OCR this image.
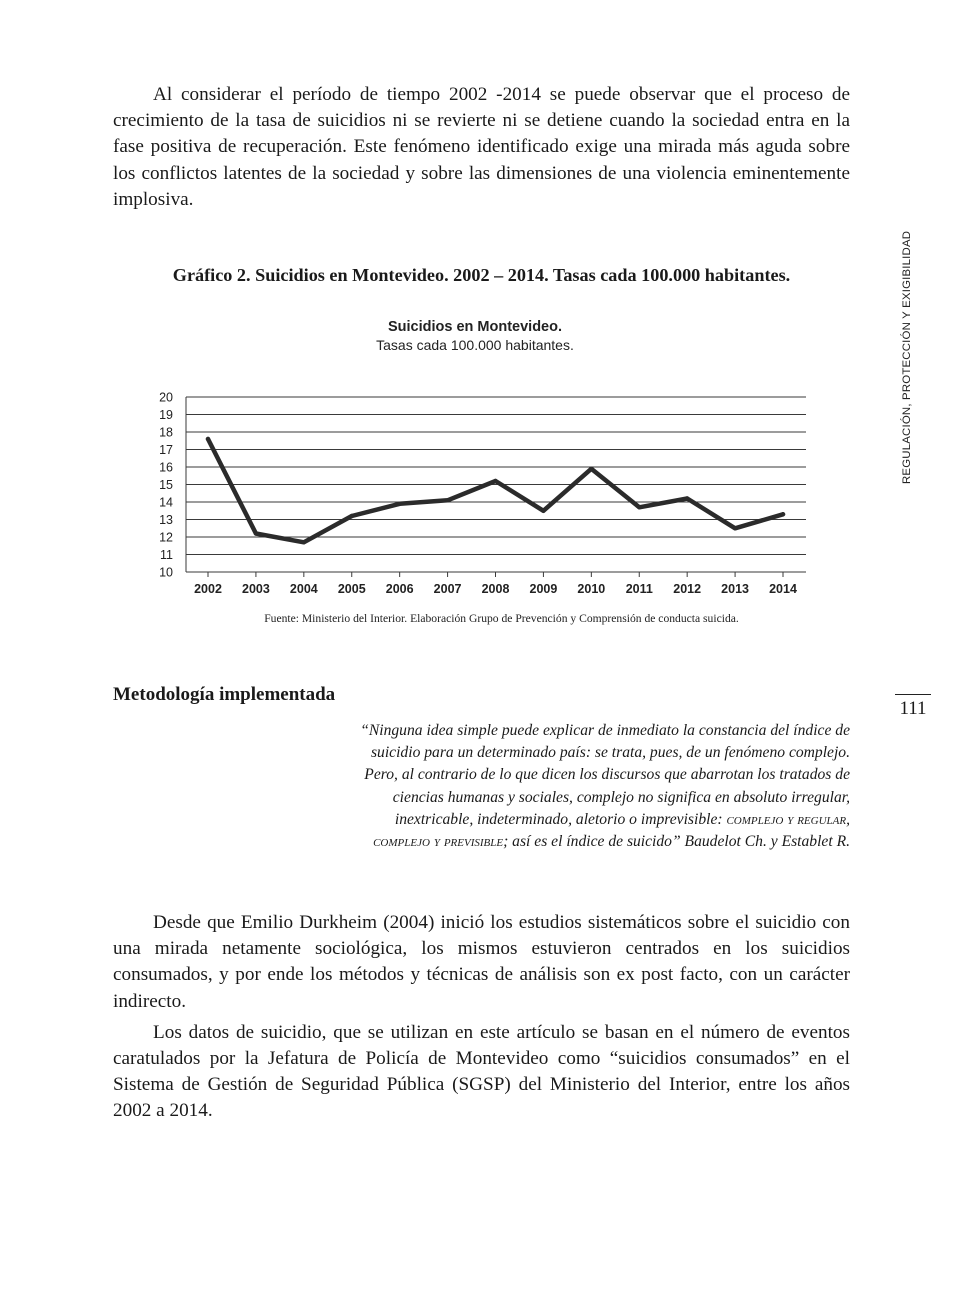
Al considerar el período de tiempo 2002 -2014 se puede observar que el proceso de crecimiento de la tasa de suicidios ni se revierte ni se detiene cuando la sociedad entra en la fase positiva de recuperación. Este fenómeno identificado exige una mirada más aguda sobre los conflictos latentes de la sociedad y sobre las dimensiones de una violencia eminentemente implosiva.

REGULACIÓN, PROTECCIÓN Y EXIGIBILIDAD

Gráfico 2. Suicidios en Montevideo. 2002 – 2014. Tasas cada 100.000 habitantes.

Suicidios en Montevideo.
Tasas cada 100.000 habitantes.
10
11
12
13
14
15
16
17
18
19
20
2002 2003 2004 2005 2006 2007 2008 2009 2010 2011 2012 2013 2014

Fuente: Ministerio del Interior. Elaboración Grupo de Prevención y Comprensión de conducta suicida.

Metodología implementada
111

“Ninguna idea simple puede explicar de inmediato la constancia del índice de suicidio para un determinado país: se trata, pues, de un fenómeno complejo. Pero, al contrario de lo que dicen los discursos que abarrotan los tratados de ciencias humanas y sociales, complejo no significa en absoluto irregular, inextricable, indeterminado, aletorio o imprevisible: complejo y regular, complejo y previsible; así es el índice de suicido” Baudelot Ch. y Establet R.

Desde que Emilio Durkheim (2004) inició los estudios sistemáticos sobre el suicidio con una mirada netamente sociológica, los mismos estuvieron centrados en los suicidios consumados, y por ende los métodos y técnicas de análisis son ex post facto, con un carácter indirecto.

Los datos de suicidio, que se utilizan en este artículo se basan en el número de eventos caratulados por la Jefatura de Policía de Montevideo como “suicidios consumados” en el Sistema de Gestión de Seguridad Pública (SGSP) del Ministerio del Interior, entre los años 2002 a 2014.
